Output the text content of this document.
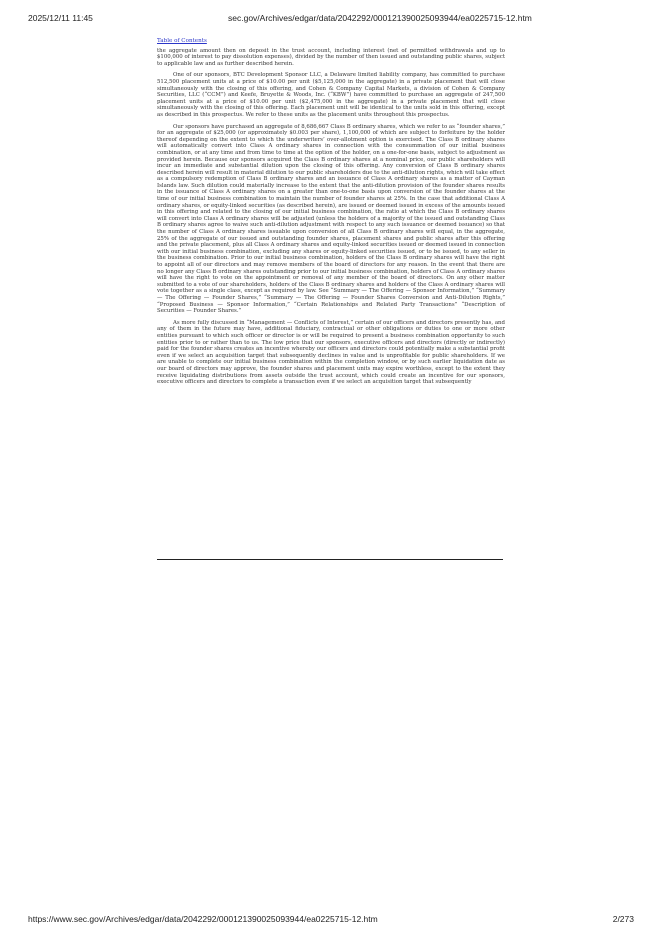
2025/12/11 11:45	sec.gov/Archives/edgar/data/2042292/000121390025093944/ea0225715-12.htm
Table of Contents

the aggregate amount then on deposit in the trust account, including interest (net of permitted withdrawals and up to $100,000 of interest to pay dissolution expenses), divided by the number of then issued and outstanding public shares, subject to applicable law and as further described herein.

One of our sponsors, BTC Development Sponsor LLC, a Delaware limited liability company, has committed to purchase 512,500 placement units at a price of $10.00 per unit ($5,125,000 in the aggregate) in a private placement that will close simultaneously with the closing of this offering, and Cohen & Company Capital Markets, a division of Cohen & Company Securities, LLC (“CCM”) and Keefe, Bruyette & Woods, Inc. (“KBW”) have committed to purchase an aggregate of 247,500 placement units at a price of $10.00 per unit ($2,475,000 in the aggregate) in a private placement that will close simultaneously with the closing of this offering. Each placement unit will be identical to the units sold in this offering, except as described in this prospectus. We refer to these units as the placement units throughout this prospectus.

Our sponsors have purchased an aggregate of 8,686,667 Class B ordinary shares, which we refer to as “founder shares,” for an aggregate of $25,000 (or approximately $0.003 per share), 1,100,000 of which are subject to forfeiture by the holder thereof depending on the extent to which the underwriters’ over-allotment option is exercised. The Class B ordinary shares will automatically convert into Class A ordinary shares in connection with the consummation of our initial business combination, or at any time and from time to time at the option of the holder, on a one-for-one basis, subject to adjustment as provided herein. Because our sponsors acquired the Class B ordinary shares at a nominal price, our public shareholders will incur an immediate and substantial dilution upon the closing of this offering. Any conversion of Class B ordinary shares described herein will result in material dilution to our public shareholders due to the anti-dilution rights, which will take effect as a compulsory redemption of Class B ordinary shares and an issuance of Class A ordinary shares as a matter of Cayman Islands law. Such dilution could materially increase to the extent that the anti-dilution provision of the founder shares results in the issuance of Class A ordinary shares on a greater than one-to-one basis upon conversion of the founder shares at the time of our initial business combination to maintain the number of founder shares at 25%. In the case that additional Class A ordinary shares, or equity-linked securities (as described herein), are issued or deemed issued in excess of the amounts issued in this offering and related to the closing of our initial business combination, the ratio at which the Class B ordinary shares will convert into Class A ordinary shares will be adjusted (unless the holders of a majority of the issued and outstanding Class B ordinary shares agree to waive such anti-dilution adjustment with respect to any such issuance or deemed issuance) so that the number of Class A ordinary shares issuable upon conversion of all Class B ordinary shares will equal, in the aggregate, 25% of the aggregate of our issued and outstanding founder shares, placement shares and public shares after this offering and the private placement, plus all Class A ordinary shares and equity-linked securities issued or deemed issued in connection with our initial business combination, excluding any shares or equity-linked securities issued, or to be issued, to any seller in the business combination. Prior to our initial business combination, holders of the Class B ordinary shares will have the right to appoint all of our directors and may remove members of the board of directors for any reason. In the event that there are no longer any Class B ordinary shares outstanding prior to our initial business combination, holders of Class A ordinary shares will have the right to vote on the appointment or removal of any member of the board of directors. On any other matter submitted to a vote of our shareholders, holders of the Class B ordinary shares and holders of the Class A ordinary shares will vote together as a single class, except as required by law. See “Summary — The Offering — Sponsor Information,” “Summary — The Offering — Founder Shares,” “Summary — The Offering — Founder Shares Conversion and Anti-Dilution Rights,” “Proposed Business — Sponsor Information,” “Certain Relationships and Related Party Transactions” “Description of Securities — Founder Shares.”

As more fully discussed in “Management — Conflicts of Interest,” certain of our officers and directors presently has, and any of them in the future may have, additional fiduciary, contractual or other obligations or duties to one or more other entities pursuant to which such officer or director is or will be required to present a business combination opportunity to such entities prior to or rather than to us. The low price that our sponsors, executive officers and directors (directly or indirectly) paid for the founder shares creates an incentive whereby our officers and directors could potentially make a substantial profit even if we select an acquisition target that subsequently declines in value and is unprofitable for public shareholders. If we are unable to complete our initial business combination within the completion window, or by such earlier liquidation date as our board of directors may approve, the founder shares and placement units may expire worthless, except to the extent they receive liquidating distributions from assets outside the trust account, which could create an incentive for our sponsors, executive officers and directors to complete a transaction even if we select an acquisition target that subsequently

https://www.sec.gov/Archives/edgar/data/2042292/000121390025093944/ea0225715-12.htm	2/273
